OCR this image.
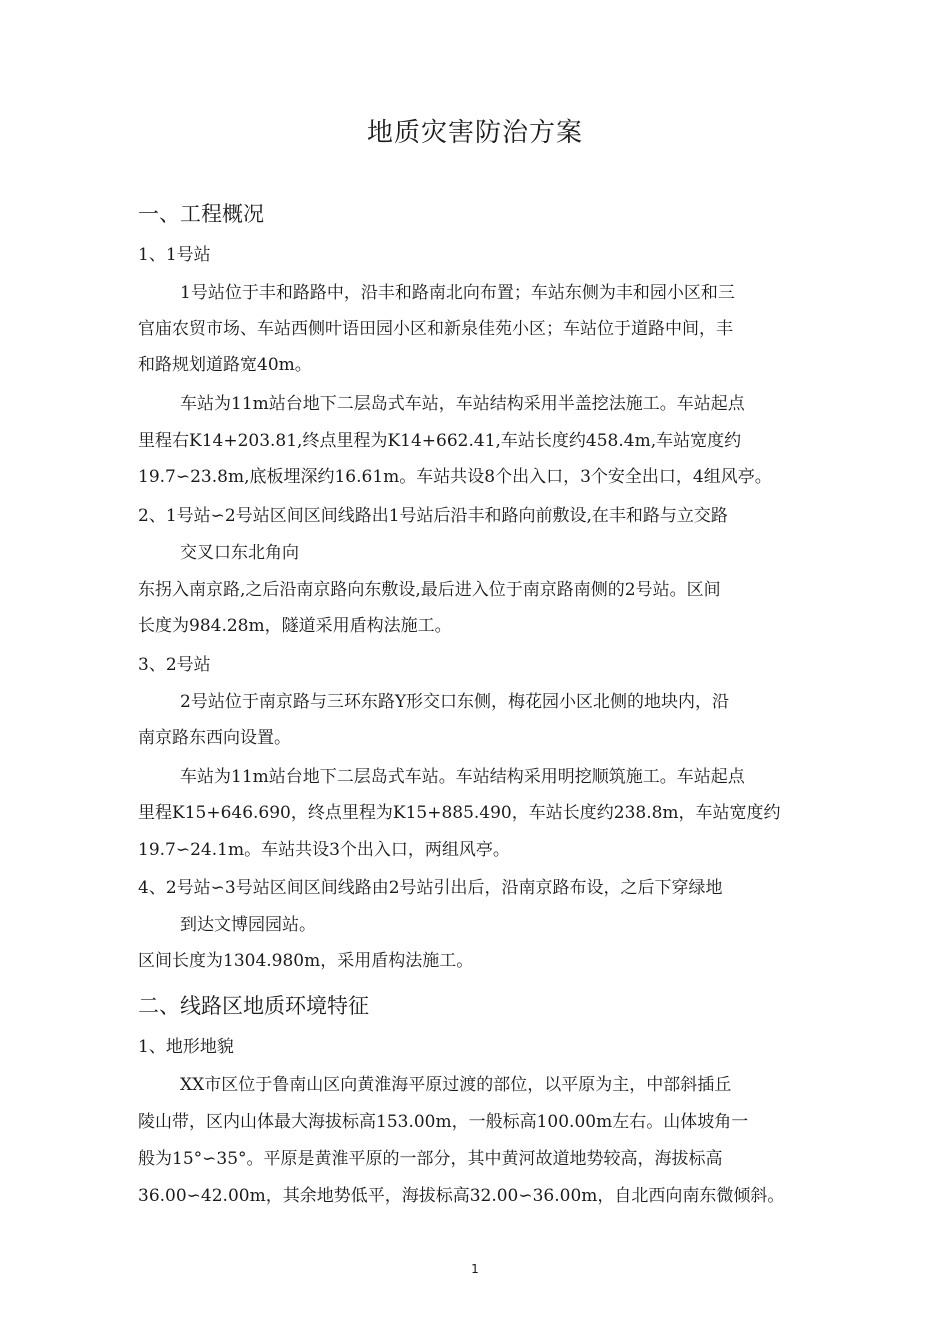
地质灾害防治方案
一、工程概况
1、1号站
1号站位于丰和路路中，沿丰和路南北向布置；车站东侧为丰和园小区和三
官庙农贸市场、车站西侧叶语田园小区和新泉佳苑小区；车站位于道路中间，丰
和路规划道路宽40m。
车站为11m站台地下二层岛式车站，车站结构采用半盖挖法施工。车站起点
里程右K14+203.81,终点里程为K14+662.41,车站长度约458.4m,车站宽度约
19.7∽23.8m,底板埋深约16.61m。车站共设8个出入口，3个安全出口，4组风亭。
2、1号站∽2号站区间区间线路出1号站后沿丰和路向前敷设,在丰和路与立交路
交叉口东北角向
东拐入南京路,之后沿南京路向东敷设,最后进入位于南京路南侧的2号站。区间
长度为984.28m，隧道采用盾构法施工。
3、2号站
2号站位于南京路与三环东路Y形交口东侧，梅花园小区北侧的地块内，沿
南京路东西向设置。
车站为11m站台地下二层岛式车站。车站结构采用明挖顺筑施工。车站起点
里程K15+646.690，终点里程为K15+885.490，车站长度约238.8m，车站宽度约
19.7∽24.1m。车站共设3个出入口，两组风亭。
4、2号站∽3号站区间区间线路由2号站引出后，沿南京路布设，之后下穿绿地
到达文博园园站。
区间长度为1304.980m，采用盾构法施工。
二、线路区地质环境特征
1、地形地貌
XX市区位于鲁南山区向黄淮海平原过渡的部位，以平原为主，中部斜插丘
陵山带，区内山体最大海拔标高153.00m，一般标高100.00m左右。山体坡角一
般为15°∽35°。平原是黄淮平原的一部分，其中黄河故道地势较高，海拔标高
36.00∽42.00m，其余地势低平，海拔标高32.00∽36.00m，自北西向南东微倾斜。
1
